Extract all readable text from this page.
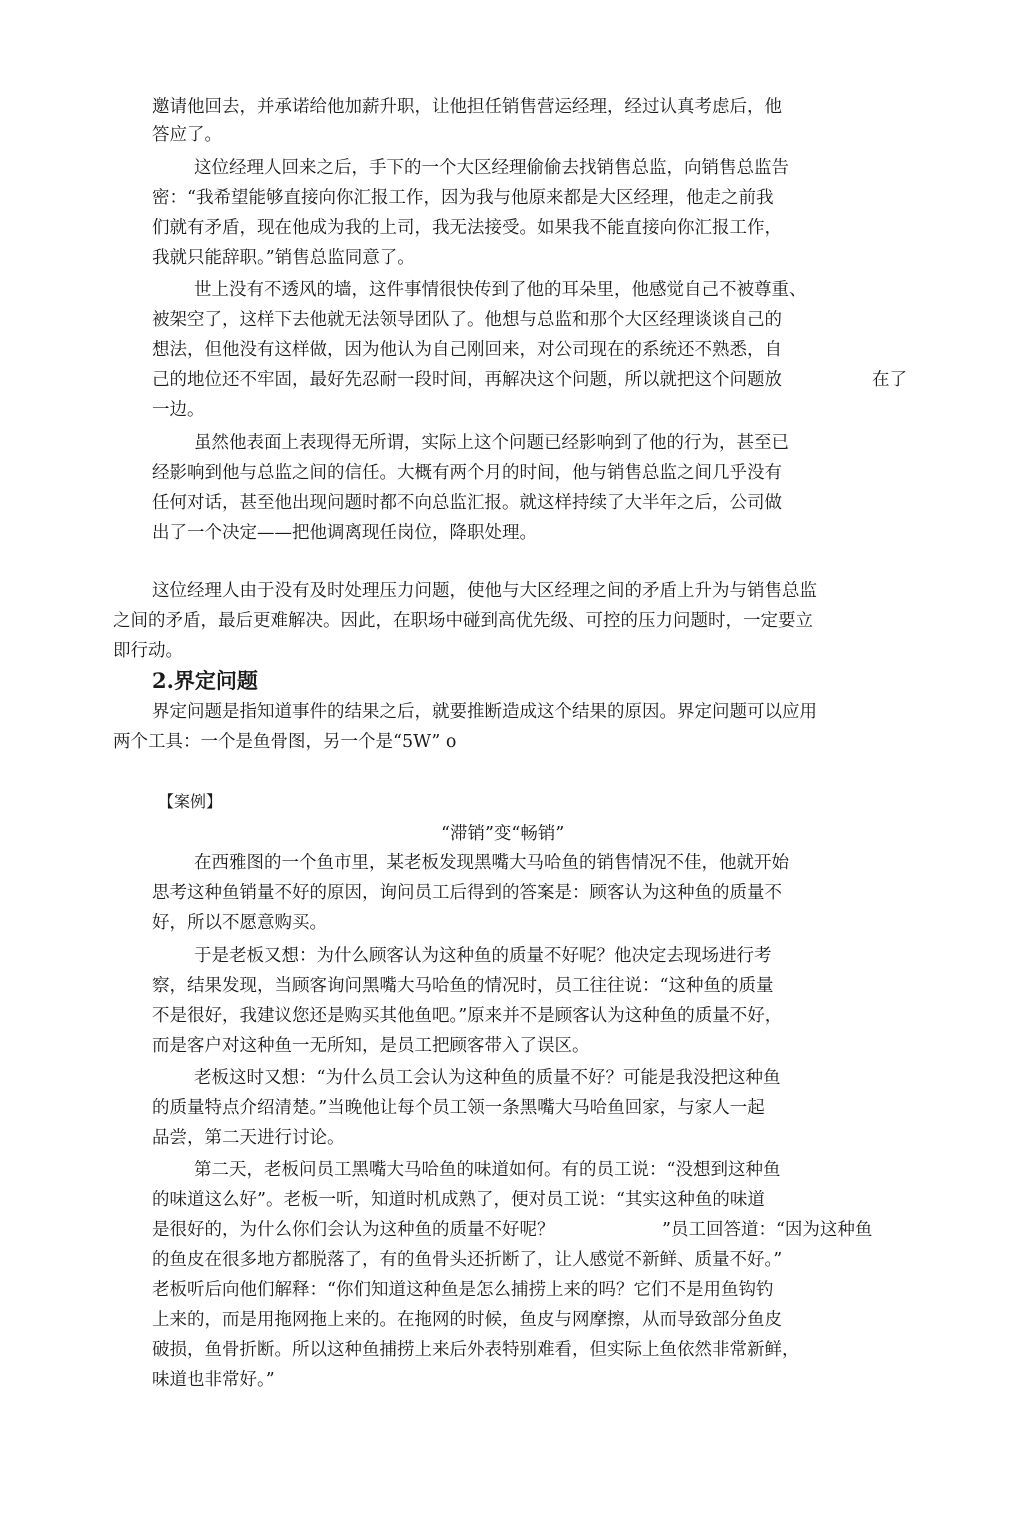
邀请他回去，并承诺给他加薪升职，让他担任销售营运经理，经过认真考虑后，他

答应了。

这位经理人回来之后，手下的一个大区经理偷偷去找销售总监，向销售总监告

密：“我希望能够直接向你汇报工作，因为我与他原来都是大区经理，他走之前我

们就有矛盾，现在他成为我的上司，我无法接受。如果我不能直接向你汇报工作，

我就只能辞职。”销售总监同意了。

世上没有不透风的墙，这件事情很快传到了他的耳朵里，他感觉自己不被尊重、

被架空了，这样下去他就无法领导团队了。他想与总监和那个大区经理谈谈自己的

想法，但他没有这样做，因为他认为自己刚回来，对公司现在的系统还不熟悉，自

己的地位还不牢固，最好先忍耐一段时间，再解决这个问题，所以就把这个问题放	在了

一边。

虽然他表面上表现得无所谓，实际上这个问题已经影响到了他的行为，甚至已

经影响到他与总监之间的信任。大概有两个月的时间，他与销售总监之间几乎没有

任何对话，甚至他出现问题时都不向总监汇报。就这样持续了大半年之后，公司做

出了一个决定——把他调离现任岗位，降职处理。

这位经理人由于没有及时处理压力问题，使他与大区经理之间的矛盾上升为与销售总监

之间的矛盾，最后更难解决。因此，在职场中碰到高优先级、可控的压力问题时，一定要立

即行动。

2.界定问题

界定问题是指知道事件的结果之后，就要推断造成这个结果的原因。界定问题可以应用

两个工具：一个是鱼骨图，另一个是“5W” o

【案例】

“滞销”变“畅销”

在西雅图的一个鱼市里，某老板发现黑嘴大马哈鱼的销售情况不佳，他就开始

思考这种鱼销量不好的原因，询问员工后得到的答案是：顾客认为这种鱼的质量不

好，所以不愿意购买。

于是老板又想：为什么顾客认为这种鱼的质量不好呢？他决定去现场进行考

察，结果发现，当顾客询问黑嘴大马哈鱼的情况时，员工往往说：“这种鱼的质量

不是很好，我建议您还是购买其他鱼吧。”原来并不是顾客认为这种鱼的质量不好，

而是客户对这种鱼一无所知，是员工把顾客带入了误区。

老板这时又想：“为什么员工会认为这种鱼的质量不好？可能是我没把这种鱼

的质量特点介绍清楚。”当晚他让每个员工领一条黑嘴大马哈鱼回家，与家人一起

品尝，第二天进行讨论。

第二天，老板问员工黑嘴大马哈鱼的味道如何。有的员工说：“没想到这种鱼

的味道这么好”。老板一听，知道时机成熟了，便对员工说：“其实这种鱼的味道

是很好的，为什么你们会认为这种鱼的质量不好呢？	”员工回答道：“因为这种鱼

的鱼皮在很多地方都脱落了，有的鱼骨头还折断了，让人感觉不新鲜、质量不好。”

老板听后向他们解释：“你们知道这种鱼是怎么捕捞上来的吗？它们不是用鱼钩钓

上来的，而是用拖网拖上来的。在拖网的时候，鱼皮与网摩擦，从而导致部分鱼皮

破损，鱼骨折断。所以这种鱼捕捞上来后外表特别难看，但实际上鱼依然非常新鲜，

味道也非常好。”
